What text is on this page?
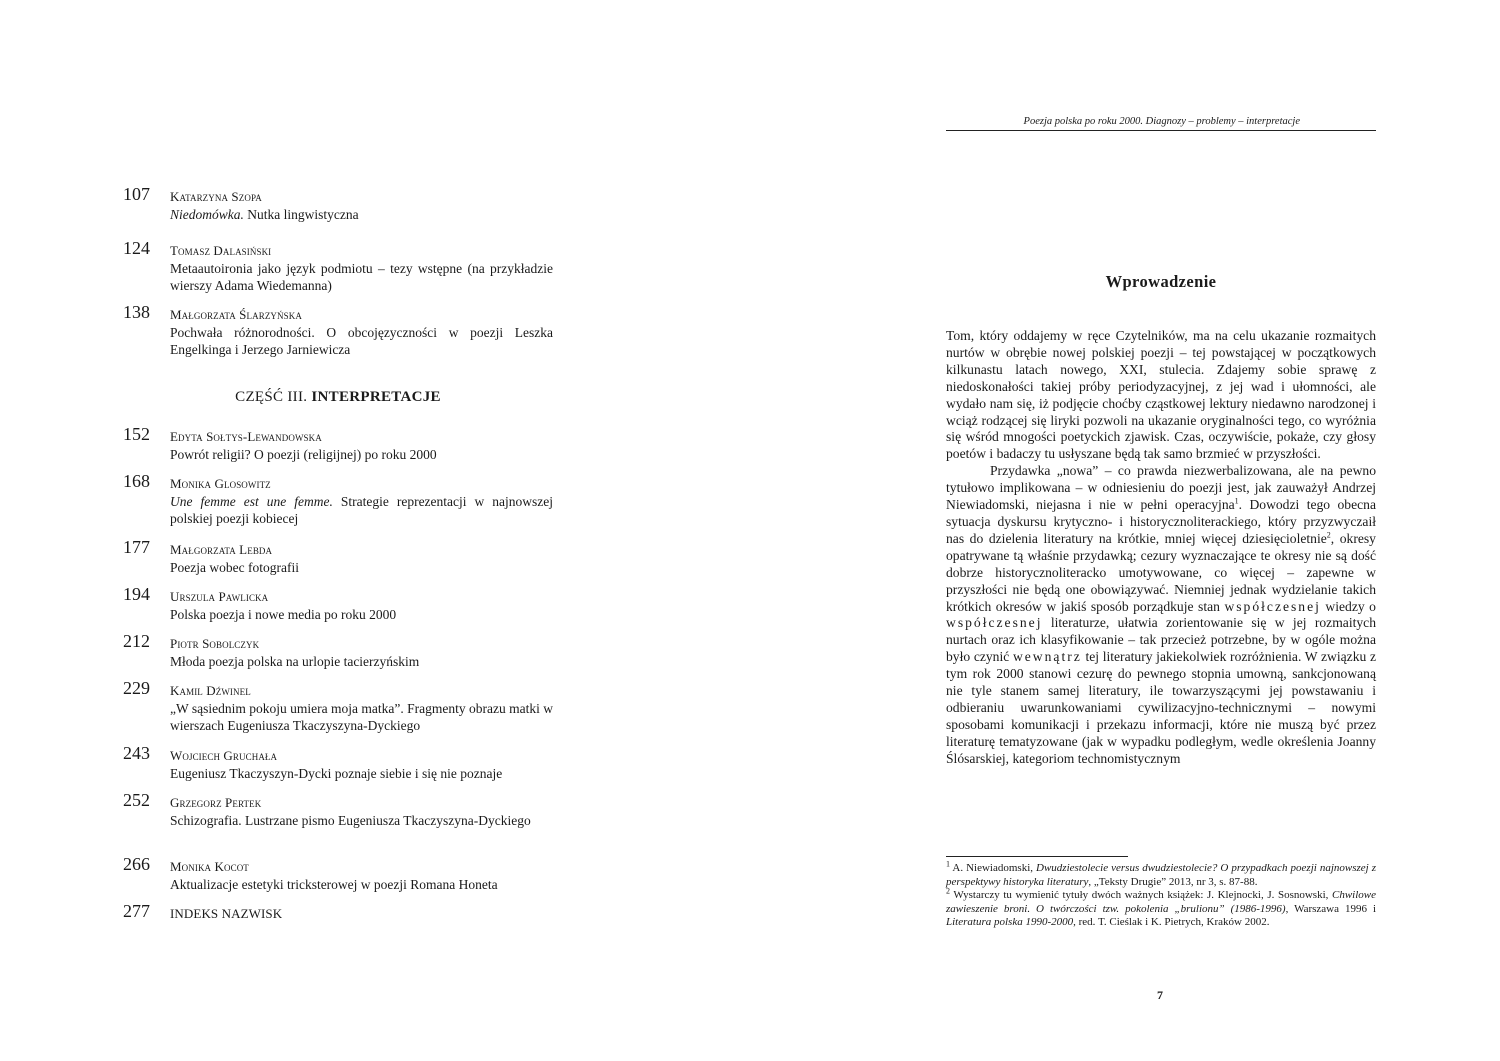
107 Katarzyna Szopa
Niedomówka. Nutka lingwistyczna
124 Tomasz Dalasiński
Metaautoironia jako język podmiotu – tezy wstępne (na przykładzie wierszy Adama Wiedemanna)
138 Małgorzata Ślarzyńska
Pochwała różnorodności. O obcojęzyczności w poezji Leszka Engelkinga i Jerzego Jarniewicza
CZĘŚĆ III. INTERPRETACJE
152 Edyta Sołtys-Lewandowska
Powrót religii? O poezji (religijnej) po roku 2000
168 Monika Glosowitz
Une femme est une femme. Strategie reprezentacji w najnowszej polskiej poezji kobiecej
177 Małgorzata Lebda
Poezja wobec fotografii
194 Urszula Pawlicka
Polska poezja i nowe media po roku 2000
212 Piotr Sobolczyk
Młoda poezja polska na urlopie tacierzyńskim
229 Kamil Dźwinel
„W sąsiednim pokoju umiera moja matka”. Fragmenty obrazu matki w wierszach Eugeniusza Tkaczyszyna-Dyckiego
243 Wojciech Gruchała
Eugeniusz Tkaczyszyn-Dycki poznaje siebie i się nie poznaje
252 Grzegorz Pertek
Schizografia. Lustrzane pismo Eugeniusza Tkaczyszyna-Dyckiego
266 Monika Kocot
Aktualizacje estetyki tricksterowej w poezji Romana Honeta
277 INDEKS NAZWISK
Poezja polska po roku 2000. Diagnozy – problemy – interpretacje
Wprowadzenie

Tom, który oddajemy w ręce Czytelników, ma na celu ukazanie rozmaitych nurtów w obrębie nowej polskiej poezji – tej powstającej w początkowych kilkunastu latach nowego, XXI, stulecia. Zdajemy sobie sprawę z niedoskonałości takiej próby periodyzacyjnej, z jej wad i ułomności, ale wydało nam się, iż podjęcie choćby cząstkowej lektury niedawno narodzonej i wciąż rodzącej się liryki pozwoli na ukazanie oryginalności tego, co wyróżnia się wśród mnogości poetyckich zjawisk. Czas, oczywiście, pokaże, czy głosy poetów i badaczy tu usłyszane będą tak samo brzmieć w przyszłości.

Przydawka „nowa” – co prawda niezwerbalizowana, ale na pewno tytułowo implikowana – w odniesieniu do poezji jest, jak zauważył Andrzej Niewiadomski, niejasna i nie w pełni operacyjna$^1$. Dowodzi tego obecna sytuacja dyskursu krytyczno- i historycznoliterackiego, który przyzwyczaił nas do dzielenia literatury na krótkie, mniej więcej dziesięcioletnie$^2$, okresy opatrywane tą właśnie przydawką; cezury wyznaczające te okresy nie są dość dobrze historycznoliteracko umotywowane, co więcej – zapewne w przyszłości nie będą one obowiązywać. Niemniej jednak wydzielanie takich krótkich okresów w jakiś sposób porządkuje stan współczesnej wiedzy o współczesnej literaturze, ułatwia zorientowanie się w jej rozmaitych nurtach oraz ich klasyfikowanie – tak przecież potrzebne, by w ogóle można było czynić wewnątrz tej literatury jakiekolwiek rozróżnienia. W związku z tym rok 2000 stanowi cezurę do pewnego stopnia umowną, sankcjonowaną nie tyle stanem samej literatury, ile towarzyszącymi jej powstawaniu i odbieraniu uwarunkowaniami cywilizacyjno-technicznymi – nowymi sposobami komunikacji i przekazu informacji, które nie muszą być przez literaturę tematyzowane (jak w wypadku podległym, wedle określenia Joanny Ślósarskiej, kategoriom technomistycznym

$^1$ A. Niewiadomski, Dwudziestolecie versus dwudziestolecie? O przypadkach poezji najnowszej z perspektywy historyka literatury, „Teksty Drugie” 2013, nr 3, s. 87-88.

$^2$ Wystarczy tu wymienić tytuły dwóch ważnych książek: J. Klejnocki, J. Sosnowski, Chwilowe zawieszenie broni. O twórczości tzw. pokolenia „brulionu” (1986-1996), Warszawa 1996 i Literatura polska 1990-2000, red. T. Cieślak i K. Pietrych, Kraków 2002.

7
